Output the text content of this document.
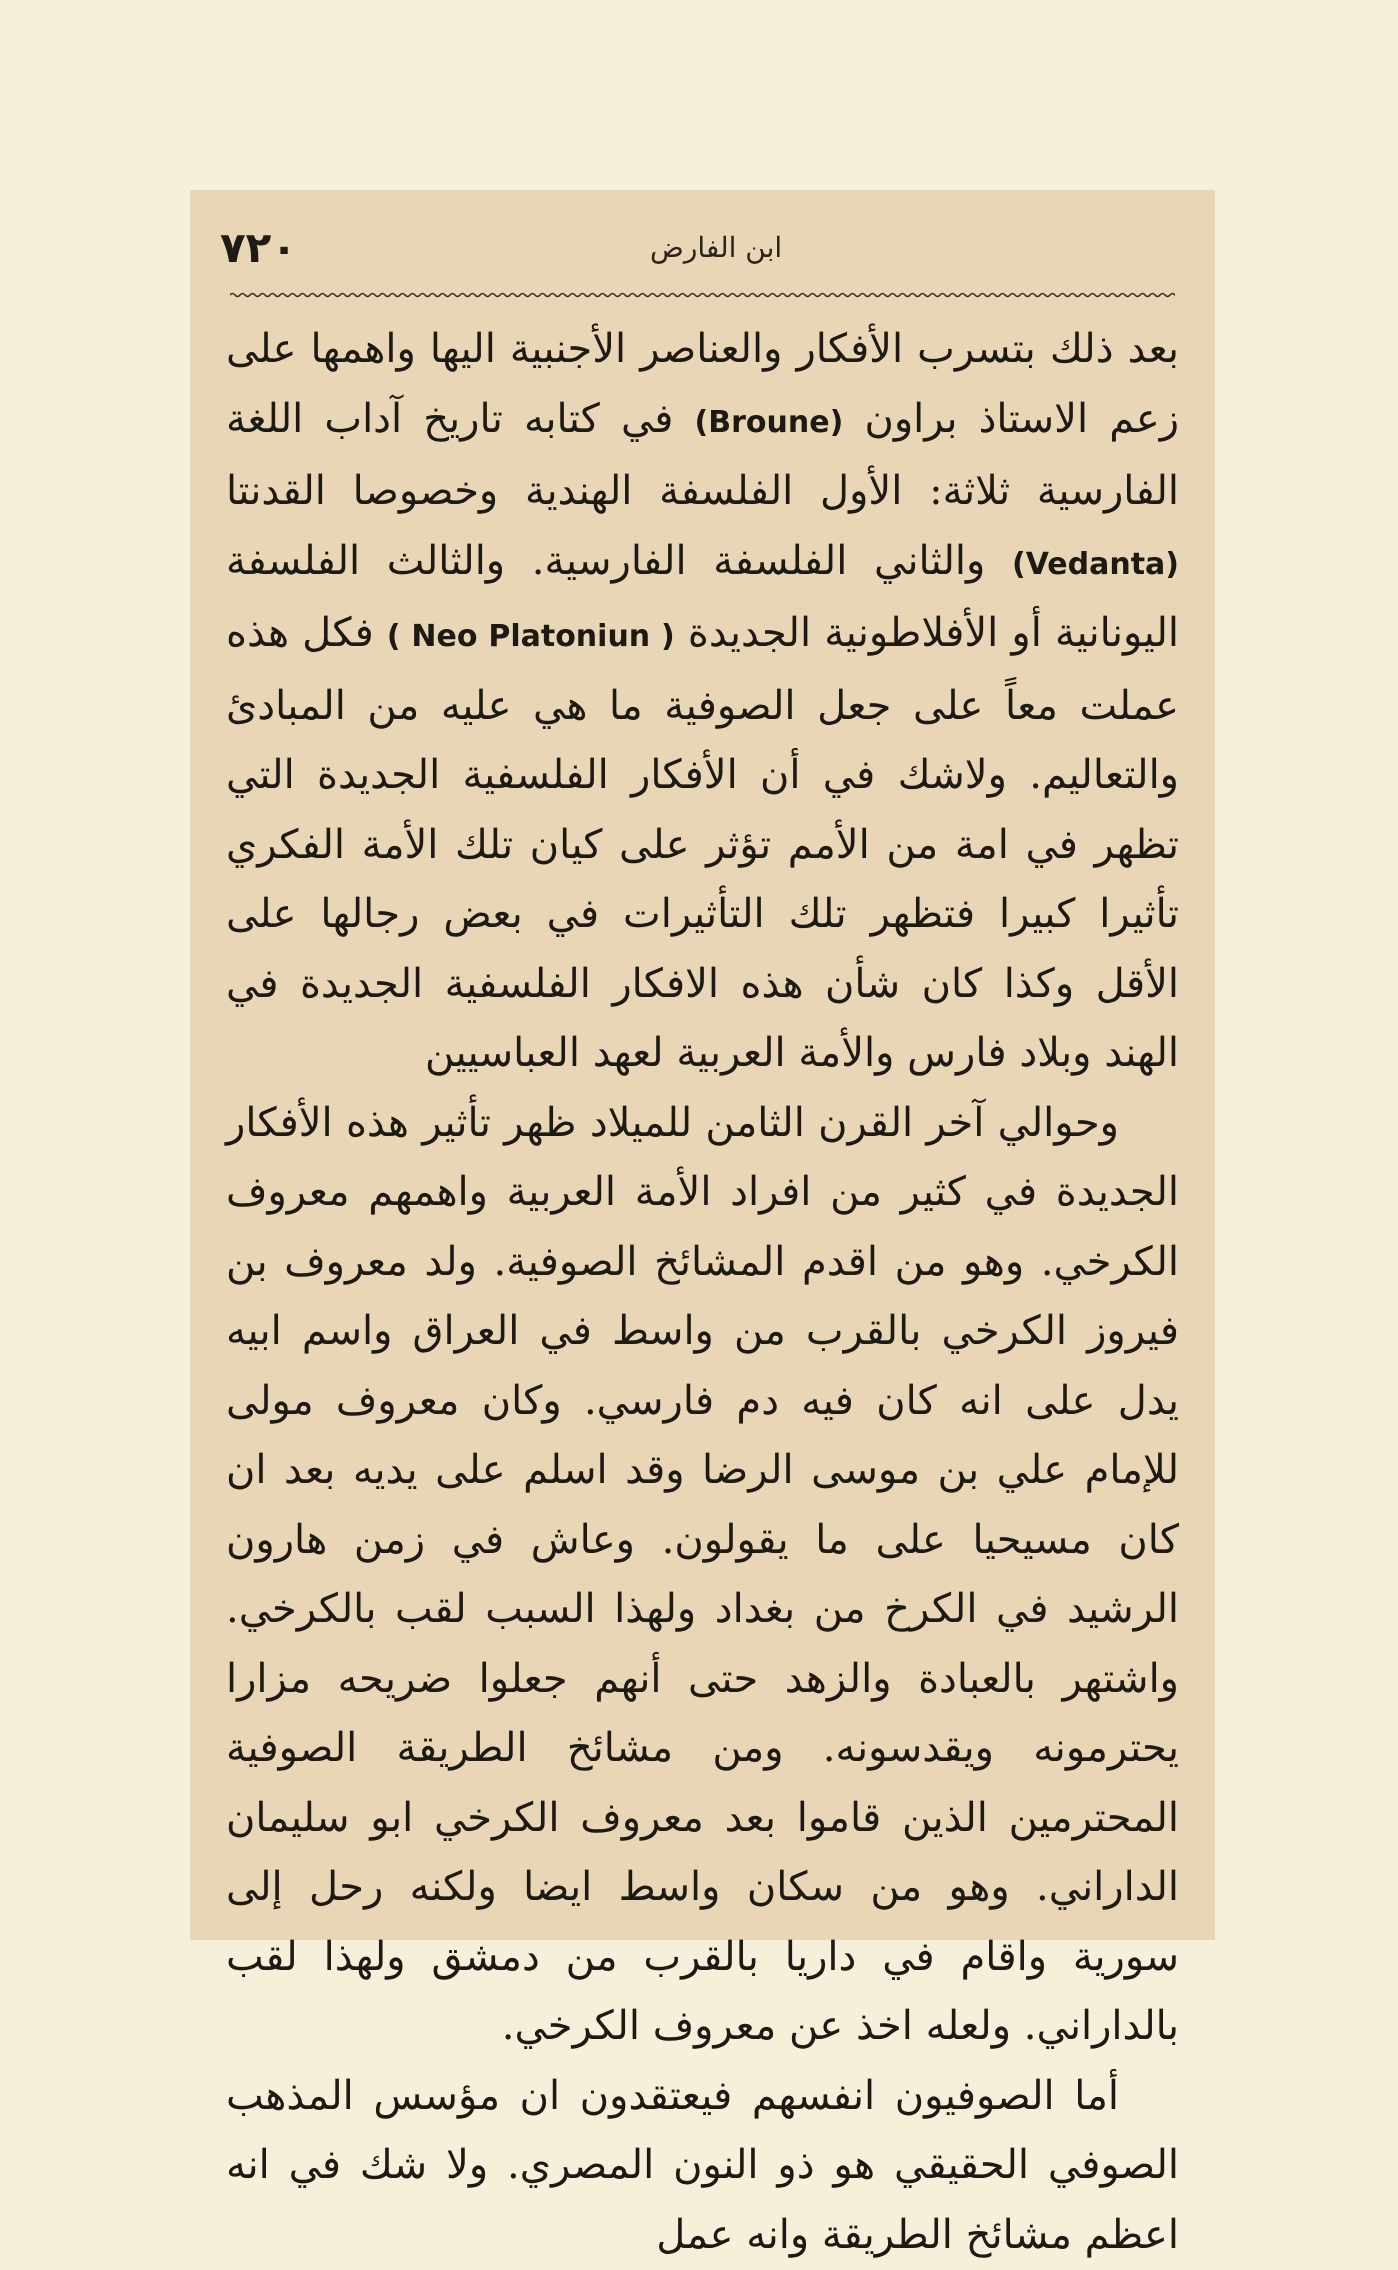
٧٢٠	ابن الفارض

بعد ذلك بتسرب الأفكار والعناصر الأجنبية اليها واهمها على زعم الاستاذ براون (Broune) في كتابه تاريخ آداب اللغة الفارسية ثلاثة: الأول الفلسفة الهندية وخصوصا القدنتا (Vedanta) والثاني الفلسفة الفارسية. والثالث الفلسفة اليونانية أو الأفلاطونية الجديدة ( Neo Platoniun ) فكل هذه عملت معاً على جعل الصوفية ما هي عليه من المبادئ والتعاليم. ولاشك في أن الأفكار الفلسفية الجديدة التي تظهر في امة من الأمم تؤثر على كيان تلك الأمة الفكري تأثيرا كبيرا فتظهر تلك التأثيرات في بعض رجالها على الأقل وكذا كان شأن هذه الافكار الفلسفية الجديدة في الهند وبلاد فارس والأمة العربية لعهد العباسيين

وحوالي آخر القرن الثامن للميلاد ظهر تأثير هذه الأفكار الجديدة في كثير من افراد الأمة العربية واهمهم معروف الكرخي. وهو من اقدم المشائخ الصوفية. ولد معروف بن فيروز الكرخي بالقرب من واسط في العراق واسم ابيه يدل على انه كان فيه دم فارسي. وكان معروف مولى للإمام علي بن موسى الرضا وقد اسلم على يديه بعد ان كان مسيحيا على ما يقولون. وعاش في زمن هارون الرشيد في الكرخ من بغداد ولهذا السبب لقب بالكرخي. واشتهر بالعبادة والزهد حتى أنهم جعلوا ضريحه مزارا يحترمونه ويقدسونه. ومن مشائخ الطريقة الصوفية المحترمين الذين قاموا بعد معروف الكرخي ابو سليمان الداراني. وهو من سكان واسط ايضا ولكنه رحل إلى سورية واقام في داريا بالقرب من دمشق ولهذا لقب بالداراني. ولعله اخذ عن معروف الكرخي.

أما الصوفيون انفسهم فيعتقدون ان مؤسس المذهب الصوفي الحقيقي هو ذو النون المصري. ولا شك في انه اعظم مشائخ الطريقة وانه عمل
